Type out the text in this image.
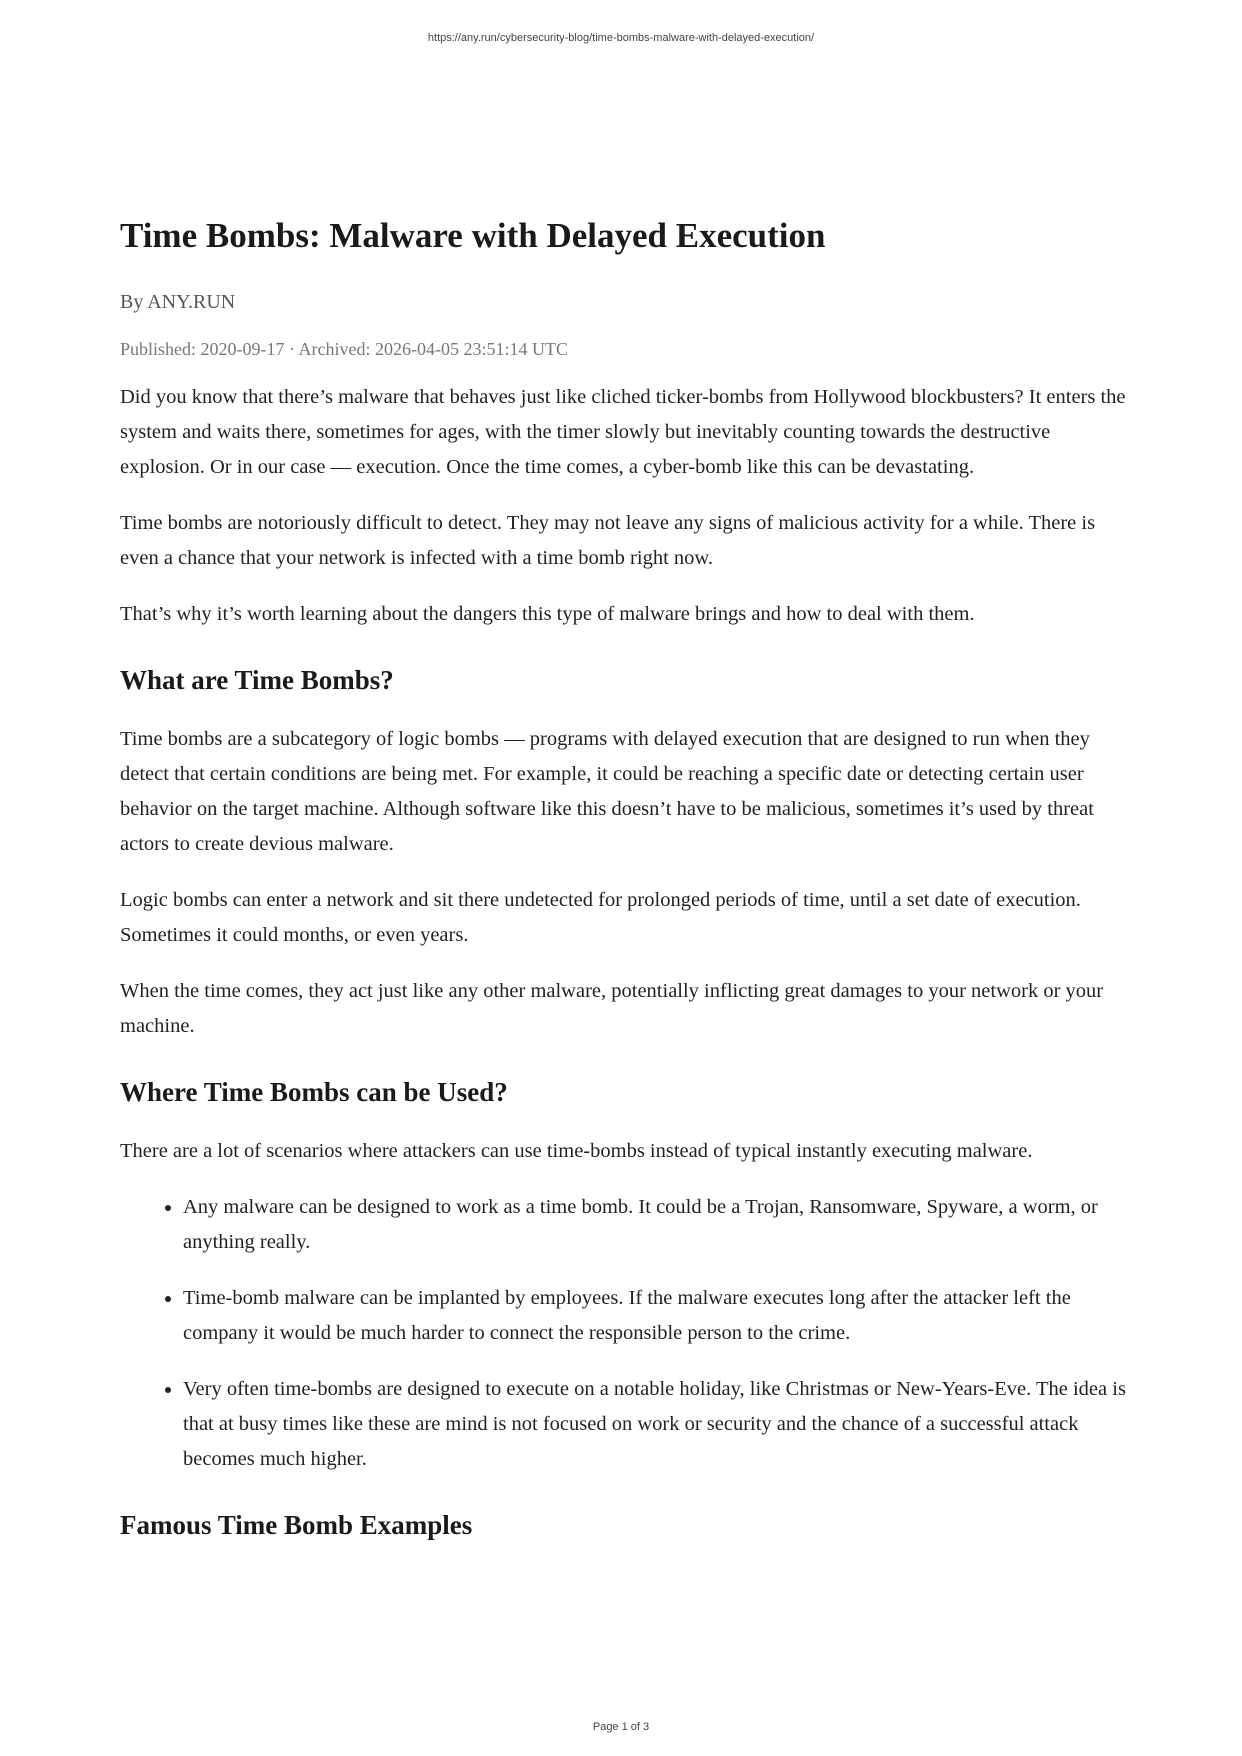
https://any.run/cybersecurity-blog/time-bombs-malware-with-delayed-execution/
Time Bombs: Malware with Delayed Execution
By ANY.RUN
Published: 2020-09-17 · Archived: 2026-04-05 23:51:14 UTC

Did you know that there’s malware that behaves just like cliched ticker-bombs from Hollywood blockbusters? It enters the system and waits there, sometimes for ages, with the timer slowly but inevitably counting towards the destructive explosion. Or in our case — execution. Once the time comes, a cyber-bomb like this can be devastating.

Time bombs are notoriously difficult to detect. They may not leave any signs of malicious activity for a while. There is even a chance that your network is infected with a time bomb right now.

That’s why it’s worth learning about the dangers this type of malware brings and how to deal with them.

What are Time Bombs?

Time bombs are a subcategory of logic bombs — programs with delayed execution that are designed to run when they detect that certain conditions are being met. For example, it could be reaching a specific date or detecting certain user behavior on the target machine. Although software like this doesn’t have to be malicious, sometimes it’s used by threat actors to create devious malware.

Logic bombs can enter a network and sit there undetected for prolonged periods of time, until a set date of execution. Sometimes it could months, or even years.

When the time comes, they act just like any other malware, potentially inflicting great damages to your network or your machine.

Where Time Bombs can be Used?

There are a lot of scenarios where attackers can use time-bombs instead of typical instantly executing malware.

• Any malware can be designed to work as a time bomb. It could be a Trojan, Ransomware, Spyware, a worm, or anything really.
• Time-bomb malware can be implanted by employees. If the malware executes long after the attacker left the company it would be much harder to connect the responsible person to the crime.
• Very often time-bombs are designed to execute on a notable holiday, like Christmas or New-Years-Eve. The idea is that at busy times like these are mind is not focused on work or security and the chance of a successful attack becomes much higher.
Famous Time Bomb Examples
Page 1 of 3
